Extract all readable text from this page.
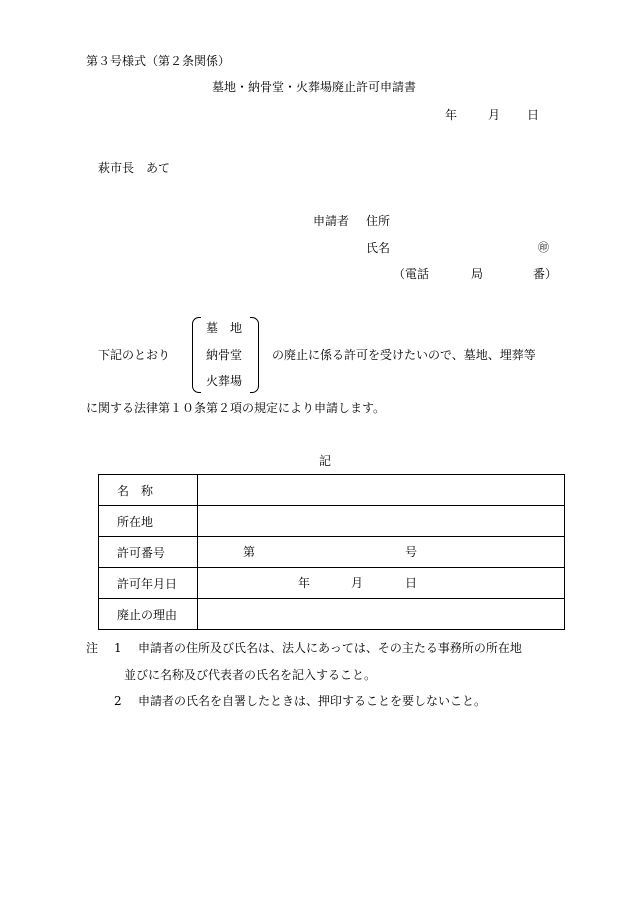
第３号様式（第２条関係）
墓地・納骨堂・火葬場廃止許可申請書
年	月 日
萩市長　あて
申請者 住所
氏名	㊞
（電話	局	番）
下記のとおり
墓　地
納骨堂
火葬場
の廃止に係る許可を受けたいので、墓地、埋葬等
に関する法律第１０条第２項の規定により申請します。
記
名　称	
所在地	
許可番号	第 号

許可年月日	年 月 日

廃止の理由	
注 1 申請者の住所及び氏名は、法人にあっては、その主たる事務所の所在地
並びに名称及び代表者の氏名を記入すること。
2 申請者の氏名を自署したときは、押印することを要しないこと。
